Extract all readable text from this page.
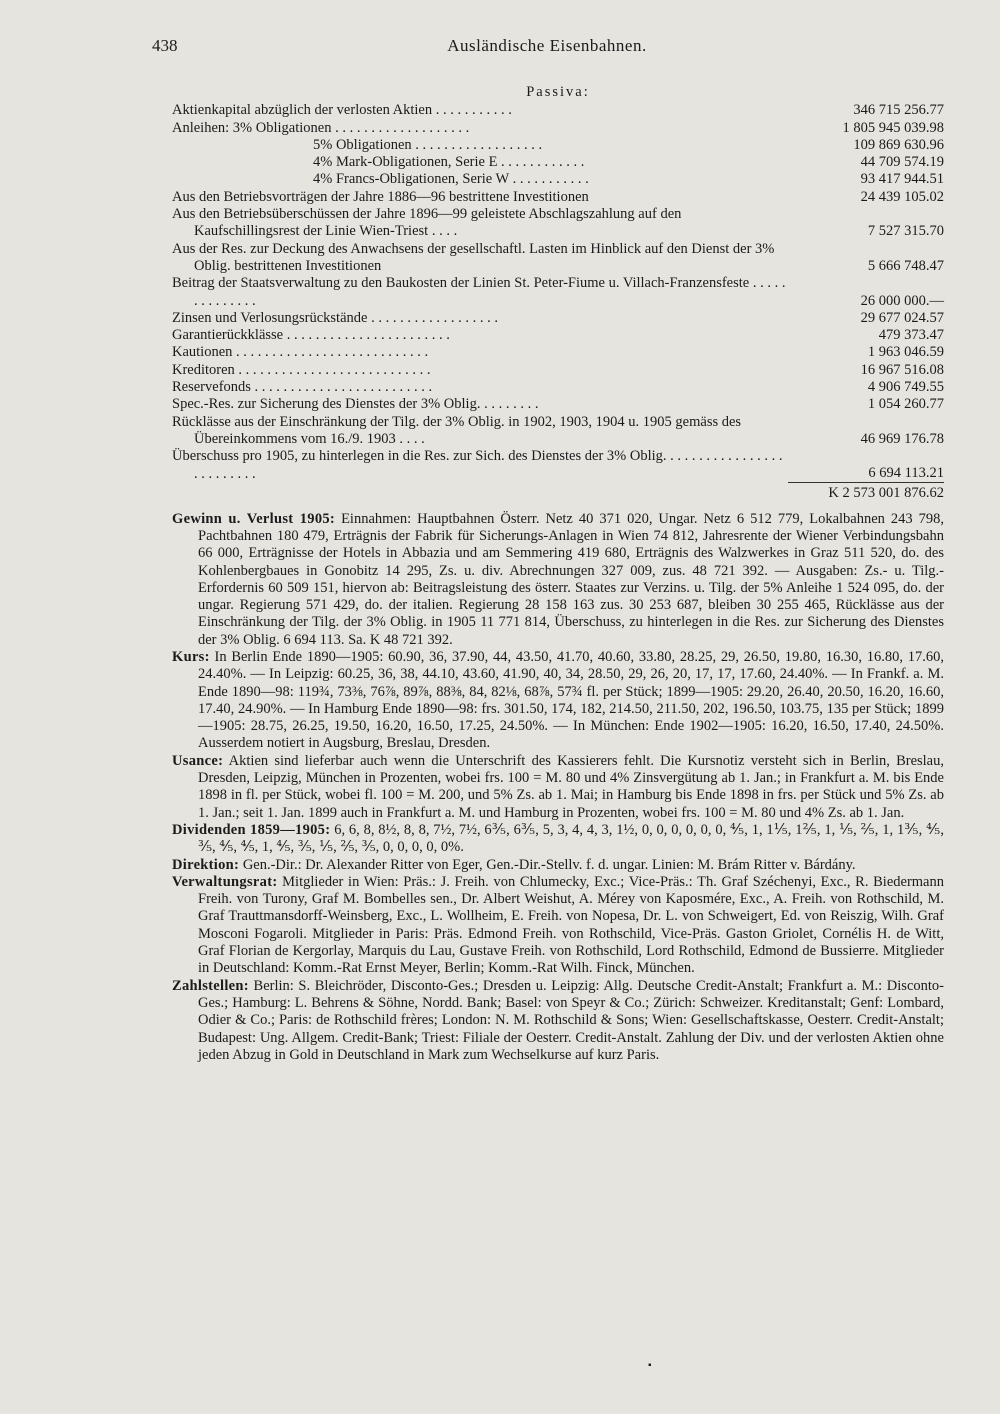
438	Ausländische Eisenbahnen.
Passiva:
Aktienkapital abzüglich der verlosten Aktien . . . . . . . . . . .	346 715 256.77

Anleihen: 3% Obligationen . . . . . . . . . . . . . . . . . . .	1 805 945 039.98

5% Obligationen . . . . . . . . . . . . . . . . . .	109 869 630.96

4% Mark-Obligationen, Serie E . . . . . . . . . . . .	44 709 574.19

4% Francs-Obligationen, Serie W . . . . . . . . . . .	93 417 944.51

Aus den Betriebsvorträgen der Jahre 1886—96 bestrittene Investitionen	24 439 105.02

Aus den Betriebsüberschüssen der Jahre 1896—99 geleistete Abschlagszahlung auf den Kaufschillingsrest der Linie Wien-Triest . . . .	7 527 315.70

Aus der Res. zur Deckung des Anwachsens der gesellschaftl. Lasten im Hinblick auf den Dienst der 3% Oblig. bestrittenen Investitionen	5 666 748.47

Beitrag der Staatsverwaltung zu den Baukosten der Linien St. Peter-Fiume u. Villach-Franzensfeste . . . . . . . . . . . . . .	26 000 000.—

Zinsen und Verlosungsrückstände . . . . . . . . . . . . . . . . . .	29 677 024.57

Garantierückklässe . . . . . . . . . . . . . . . . . . . . . . .	479 373.47

Kautionen . . . . . . . . . . . . . . . . . . . . . . . . . . .	1 963 046.59

Kreditoren . . . . . . . . . . . . . . . . . . . . . . . . . . .	16 967 516.08

Reservefonds . . . . . . . . . . . . . . . . . . . . . . . . .	4 906 749.55

Spec.-Res. zur Sicherung des Dienstes der 3% Oblig. . . . . . . . .	1 054 260.77

Rücklässe aus der Einschränkung der Tilg. der 3% Oblig. in 1902, 1903, 1904 u. 1905 gemäss des Übereinkommens vom 16./9. 1903 . . . .	46 969 176.78

Überschuss pro 1905, zu hinterlegen in die Res. zur Sich. des Dienstes der 3% Oblig. . . . . . . . . . . . . . . . . . . . . . . . . .	6 694 113.21
	K 2 573 001 876.62
Gewinn u. Verlust 1905: Einnahmen: Hauptbahnen Österr. Netz 40 371 020, Ungar. Netz 6 512 779, Lokalbahnen 243 798, Pachtbahnen 180 479, Erträgnis der Fabrik für Sicherungs-Anlagen in Wien 74 812, Jahresrente der Wiener Verbindungsbahn 66 000, Erträgnisse der Hotels in Abbazia und am Semmering 419 680, Erträgnis des Walzwerkes in Graz 511 520, do. des Kohlenbergbaues in Gonobitz 14 295, Zs. u. div. Abrechnungen 327 009, zus. 48 721 392. — Ausgaben: Zs.- u. Tilg.-Erfordernis 60 509 151, hiervon ab: Beitragsleistung des österr. Staates zur Verzins. u. Tilg. der 5% Anleihe 1 524 095, do. der ungar. Regierung 571 429, do. der italien. Regierung 28 158 163 zus. 30 253 687, bleiben 30 255 465, Rücklässe aus der Einschränkung der Tilg. der 3% Oblig. in 1905 11 771 814, Überschuss, zu hinterlegen in die Res. zur Sicherung des Dienstes der 3% Oblig. 6 694 113. Sa. K 48 721 392.
Kurs: In Berlin Ende 1890—1905: 60.90, 36, 37.90, 44, 43.50, 41.70, 40.60, 33.80, 28.25, 29, 26.50, 19.80, 16.30, 16.80, 17.60, 24.40%. — In Leipzig: 60.25, 36, 38, 44.10, 43.60, 41.90, 40, 34, 28.50, 29, 26, 20, 17, 17, 17.60, 24.40%. — In Frankf. a. M. Ende 1890—98: 119¾, 73⅜, 76⅞, 89⅞, 88⅜, 84, 82⅛, 68⅞, 57¾ fl. per Stück; 1899—1905: 29.20, 26.40, 20.50, 16.20, 16.60, 17.40, 24.90%. — In Hamburg Ende 1890—98: frs. 301.50, 174, 182, 214.50, 211.50, 202, 196.50, 103.75, 135 per Stück; 1899—1905: 28.75, 26.25, 19.50, 16.20, 16.50, 17.25, 24.50%. — In München: Ende 1902—1905: 16.20, 16.50, 17.40, 24.50%. Ausserdem notiert in Augsburg, Breslau, Dresden.
Usance: Aktien sind lieferbar auch wenn die Unterschrift des Kassierers fehlt. Die Kursnotiz versteht sich in Berlin, Breslau, Dresden, Leipzig, München in Prozenten, wobei frs. 100 = M. 80 und 4% Zinsvergütung ab 1. Jan.; in Frankfurt a. M. bis Ende 1898 in fl. per Stück, wobei fl. 100 = M. 200, und 5% Zs. ab 1. Mai; in Hamburg bis Ende 1898 in frs. per Stück und 5% Zs. ab 1. Jan.; seit 1. Jan. 1899 auch in Frankfurt a. M. und Hamburg in Prozenten, wobei frs. 100 = M. 80 und 4% Zs. ab 1. Jan.
Dividenden 1859—1905: 6, 6, 8, 8½, 8, 8, 7½, 7½, 6⅗, 6⅗, 5, 3, 4, 4, 3, 1½, 0, 0, 0, 0, 0, 0, ⅘, 1, 1⅕, 1⅖, 1, ⅕, ⅖, 1, 1⅗, ⅘, ⅗, ⅘, ⅘, 1, ⅘, ⅗, ⅕, ⅖, ⅗, 0, 0, 0, 0, 0%.
Direktion: Gen.-Dir.: Dr. Alexander Ritter von Eger, Gen.-Dir.-Stellv. f. d. ungar. Linien: M. Brám Ritter v. Bárdány.
Verwaltungsrat: Mitglieder in Wien: Präs.: J. Freih. von Chlumecky, Exc.; Vice-Präs.: Th. Graf Széchenyi, Exc., R. Biedermann Freih. von Turony, Graf M. Bombelles sen., Dr. Albert Weishut, A. Mérey von Kaposmére, Exc., A. Freih. von Rothschild, M. Graf Trauttmansdorff-Weinsberg, Exc., L. Wollheim, E. Freih. von Nopesa, Dr. L. von Schweigert, Ed. von Reiszig, Wilh. Graf Mosconi Fogaroli. Mitglieder in Paris: Präs. Edmond Freih. von Rothschild, Vice-Präs. Gaston Griolet, Cornélis H. de Witt, Graf Florian de Kergorlay, Marquis du Lau, Gustave Freih. von Rothschild, Lord Rothschild, Edmond de Bussierre. Mitglieder in Deutschland: Komm.-Rat Ernst Meyer, Berlin; Komm.-Rat Wilh. Finck, München.
Zahlstellen: Berlin: S. Bleichröder, Disconto-Ges.; Dresden u. Leipzig: Allg. Deutsche Credit-Anstalt; Frankfurt a. M.: Disconto-Ges.; Hamburg: L. Behrens & Söhne, Nordd. Bank; Basel: von Speyr & Co.; Zürich: Schweizer. Kreditanstalt; Genf: Lombard, Odier & Co.; Paris: de Rothschild frères; London: N. M. Rothschild & Sons; Wien: Gesellschaftskasse, Oesterr. Credit-Anstalt; Budapest: Ung. Allgem. Credit-Bank; Triest: Filiale der Oesterr. Credit-Anstalt. Zahlung der Div. und der verlosten Aktien ohne jeden Abzug in Gold in Deutschland in Mark zum Wechselkurse auf kurz Paris.
▪
